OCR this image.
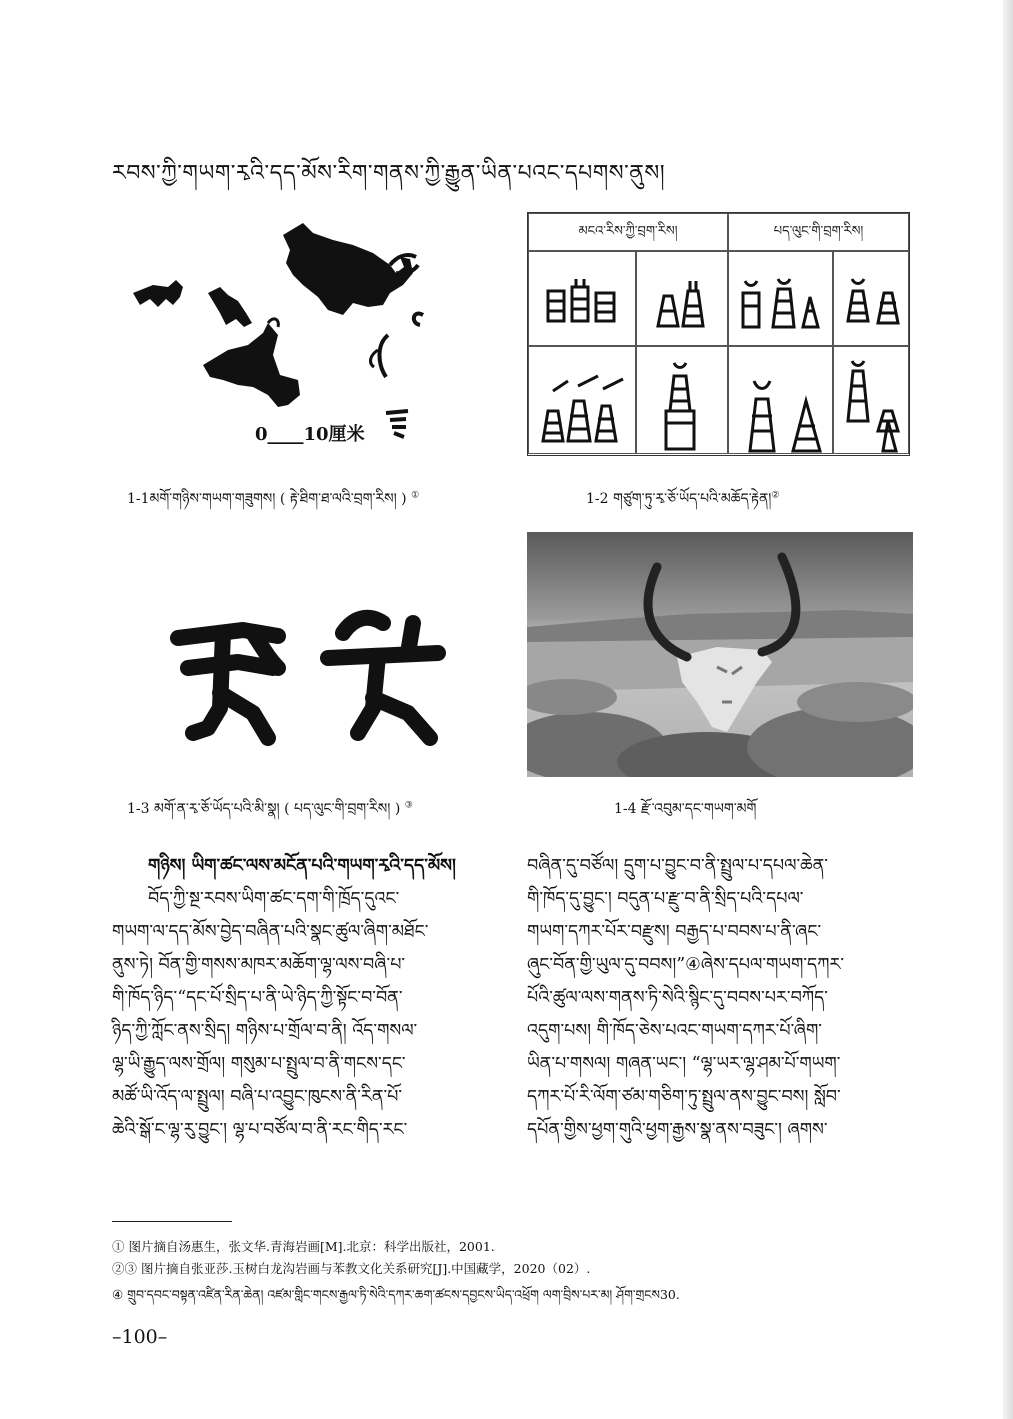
རབས་ཀྱི་གཡག་རྭའི་དད་མོས་རིག་གནས་ཀྱི་རྒྱུན་ཡིན་པའང་དཔགས་ནུས།
0____10厘米
1-1མགོ་གཉིས་གཡག་གཟུགས། ( རྟེ་ཐིག་ཐ་ལའི་བྲག་རིས། ) ①
མངའ་རིས་ཀྱི་བྲག་རིས།	པད་ལུང་གི་བྲག་རིས།
1-2 གཙུག་ཏུ་རྭ་ཅོ་ཡོད་པའི་མཆོད་རྟེན།②
1-3 མགོ་ན་རྭ་ཅོ་ཡོད་པའི་མི་སྣ། ( པད་ལུང་གི་བྲག་རིས། ) ③	1-4 རྫོ་འབུམ་དང་གཡག་མགོ
གཉིས། ཡིག་ཚང་ལས་མངོན་པའི་གཡག་རྭའི་དད་མོས།
བོད་ཀྱི་སྔ་རབས་ཡིག་ཚང་དག་གི་ཁྲོད་དུའང་
གཡག་ལ་དད་མོས་བྱེད་བཞིན་པའི་སྣང་ཚུལ་ཞིག་མཐོང་
ནུས་ཏེ། བོན་གྱི་གསས་མཁར་མཆོག་ལྷ་ལས་བཞི་པ་
གི་ཁོད་ཉིད་“དང་པོ་སྲིད་པ་ནི་ཡེ་ཉིད་ཀྱི་སྟོང་བ་བོན་
ཉིད་ཀྱི་ཀློང་ནས་སྲིད། གཉིས་པ་གྲོལ་བ་ནི། འོད་གསལ་
ལྷ་ཡི་རྒྱུད་ལས་གྲོལ། གསུམ་པ་སྤྲུལ་བ་ནི་གངས་དང་
མཚོ་ཡི་འོད་ལ་སྤྲུལ། བཞི་པ་འབྱུང་ཁུངས་ནི་རིན་པོ་
ཆེའི་སྒོ་ང་ལྷ་རུ་བྱུང་། ལྷ་པ་བཙོལ་བ་ནི་རང་གིད་རང་
བཞིན་དུ་བཙོལ། དྲུག་པ་བྱུང་བ་ནི་སྤྲུལ་པ་དཔལ་ཆེན་
གི་ཁོད་དུ་བྱུང་། བདུན་པ་རྫུ་བ་ནི་སྲིད་པའི་དཔལ་
གཡག་དཀར་པོར་བརྫུས། བརྒྱད་པ་བབས་པ་ནི་ཞང་
ཞུང་བོན་གྱི་ཡུལ་དུ་བབས།”④ཞེས་དཔལ་གཡག་དཀར་
པོའི་ཚུལ་ལས་གནས་ཏི་སེའི་སྙིང་དུ་བབས་པར་བཀོད་
འདུག་པས། གི་ཁོད་ཅེས་པའང་གཡག་དཀར་པོ་ཞིག་
ཡིན་པ་གསལ། གཞན་ཡང་། “ལྷ་ཡར་ལྷ་ཤམ་པོ་གཡག་
དཀར་པོ་རི་ལོག་ཙམ་གཅིག་ཏུ་སྤྲུལ་ནས་བྱུང་བས། སློབ་
དཔོན་གྱིས་ཕྱག་གུའི་ཕྱག་རྒྱས་སྣ་ནས་བཟུང་། ཞགས་
① 图片摘自汤惠生，张文华.青海岩画[M].北京：科学出版社，2001.
②③ 图片摘自张亚莎.玉树白龙沟岩画与苯教文化关系研究[J].中国藏学，2020（02）.
④ གྲུབ་དབང་བསྟན་འཛིན་རིན་ཆེན། འཛམ་གླིང་གངས་རྒྱལ་ཏི་སེའི་དཀར་ཆག་ཚངས་དབྱངས་ཡིད་འཕྲོག ལག་བྲིས་པར་མ། ཤོག་གྲངས30.
–100–
